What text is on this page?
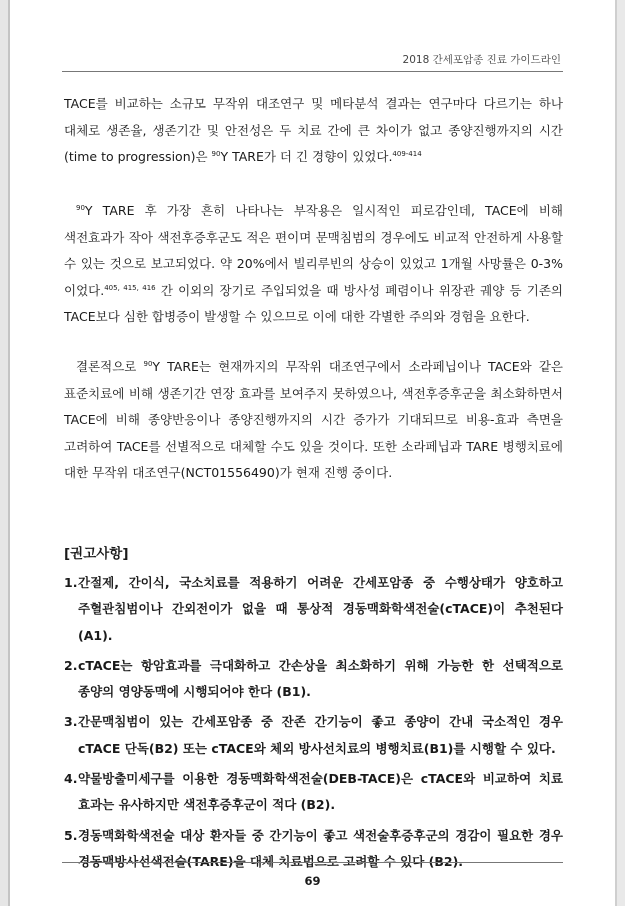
2018 간세포암종 진료 가이드라인

TACE를 비교하는 소규모 무작위 대조연구 및 메타분석 결과는 연구마다 다르기는 하나 대체로 생존율, 생존기간 및 안전성은 두 치료 간에 큰 차이가 없고 종양진행까지의 시간(time to progression)은 $^{90}$Y TARE가 더 긴 경향이 있었다.$^{409-414}$

$^{90}$Y TARE 후 가장 흔히 나타나는 부작용은 일시적인 피로감인데, TACE에 비해 색전효과가 작아 색전후증후군도 적은 편이며 문맥침범의 경우에도 비교적 안전하게 사용할 수 있는 것으로 보고되었다. 약 20%에서 빌리루빈의 상승이 있었고 1개월 사망률은 0-3%이었다.$^{405, 415, 416}$ 간 이외의 장기로 주입되었을 때 방사성 폐렴이나 위장관 궤양 등 기존의 TACE보다 심한 합병증이 발생할 수 있으므로 이에 대한 각별한 주의와 경험을 요한다.

결론적으로 $^{90}$Y TARE는 현재까지의 무작위 대조연구에서 소라페닙이나 TACE와 같은 표준치료에 비해 생존기간 연장 효과를 보여주지 못하였으나, 색전후증후군을 최소화하면서 TACE에 비해 종양반응이나 종양진행까지의 시간 증가가 기대되므로 비용-효과 측면을 고려하여 TACE를 선별적으로 대체할 수도 있을 것이다. 또한 소라페닙과 TARE 병행치료에 대한 무작위 대조연구(NCT01556490)가 현재 진행 중이다.

[권고사항]
1. 간절제, 간이식, 국소치료를 적용하기 어려운 간세포암종 중 수행상태가 양호하고 주혈관침범이나 간외전이가 없을 때 통상적 경동맥화학색전술(cTACE)이 추천된다 (A1).
2. cTACE는 항암효과를 극대화하고 간손상을 최소화하기 위해 가능한 한 선택적으로 종양의 영양동맥에 시행되어야 한다 (B1).
3. 간문맥침범이 있는 간세포암종 중 잔존 간기능이 좋고 종양이 간내 국소적인 경우 cTACE 단독(B2) 또는 cTACE와 체외 방사선치료의 병행치료(B1)를 시행할 수 있다.
4. 약물방출미세구를 이용한 경동맥화학색전술(DEB-TACE)은 cTACE와 비교하여 치료 효과는 유사하지만 색전후증후군이 적다 (B2).
5. 경동맥화학색전술 대상 환자들 중 간기능이 좋고 색전술후증후군의 경감이 필요한 경우 경동맥방사선색전술(TARE)을 대체 치료법으로 고려할 수 있다 (B2).
69
